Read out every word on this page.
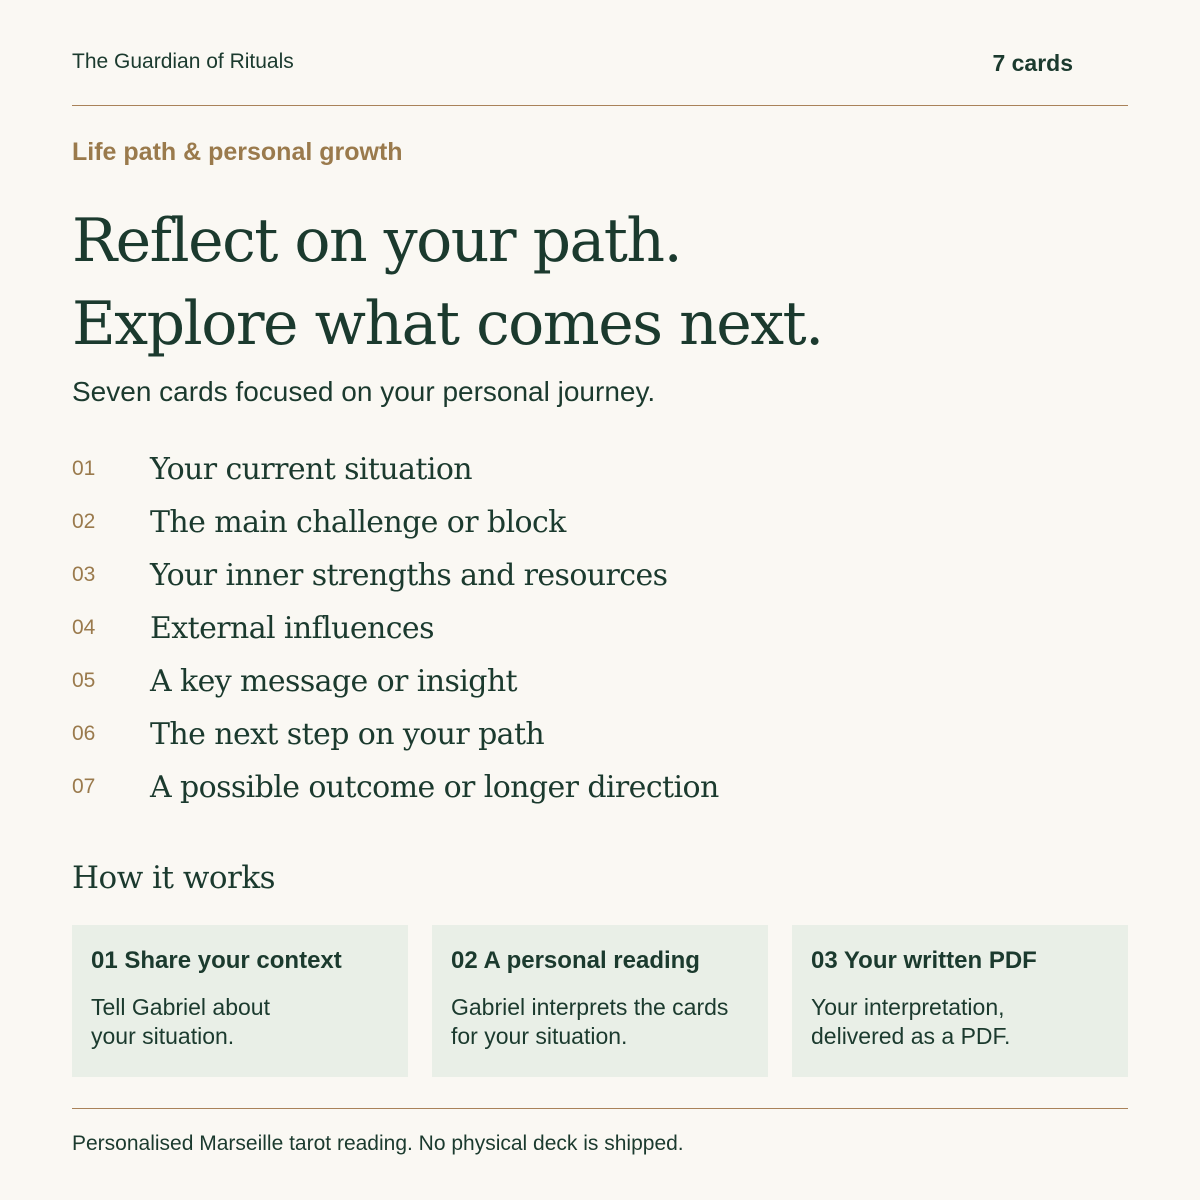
The Guardian of Rituals	7 cards
Life path & personal growth
Reflect on your path.
Explore what comes next.
Seven cards focused on your personal journey.
01 Your current situation
02 The main challenge or block
03 Your inner strengths and resources
04 External influences
05 A key message or insight
06 The next step on your path
07 A possible outcome or longer direction
How it works
01 Share your context
Tell Gabriel about
your situation.
02 A personal reading
Gabriel interprets the cards
for your situation.
03 Your written PDF
Your interpretation,
delivered as a PDF.
Personalised Marseille tarot reading. No physical deck is shipped.
